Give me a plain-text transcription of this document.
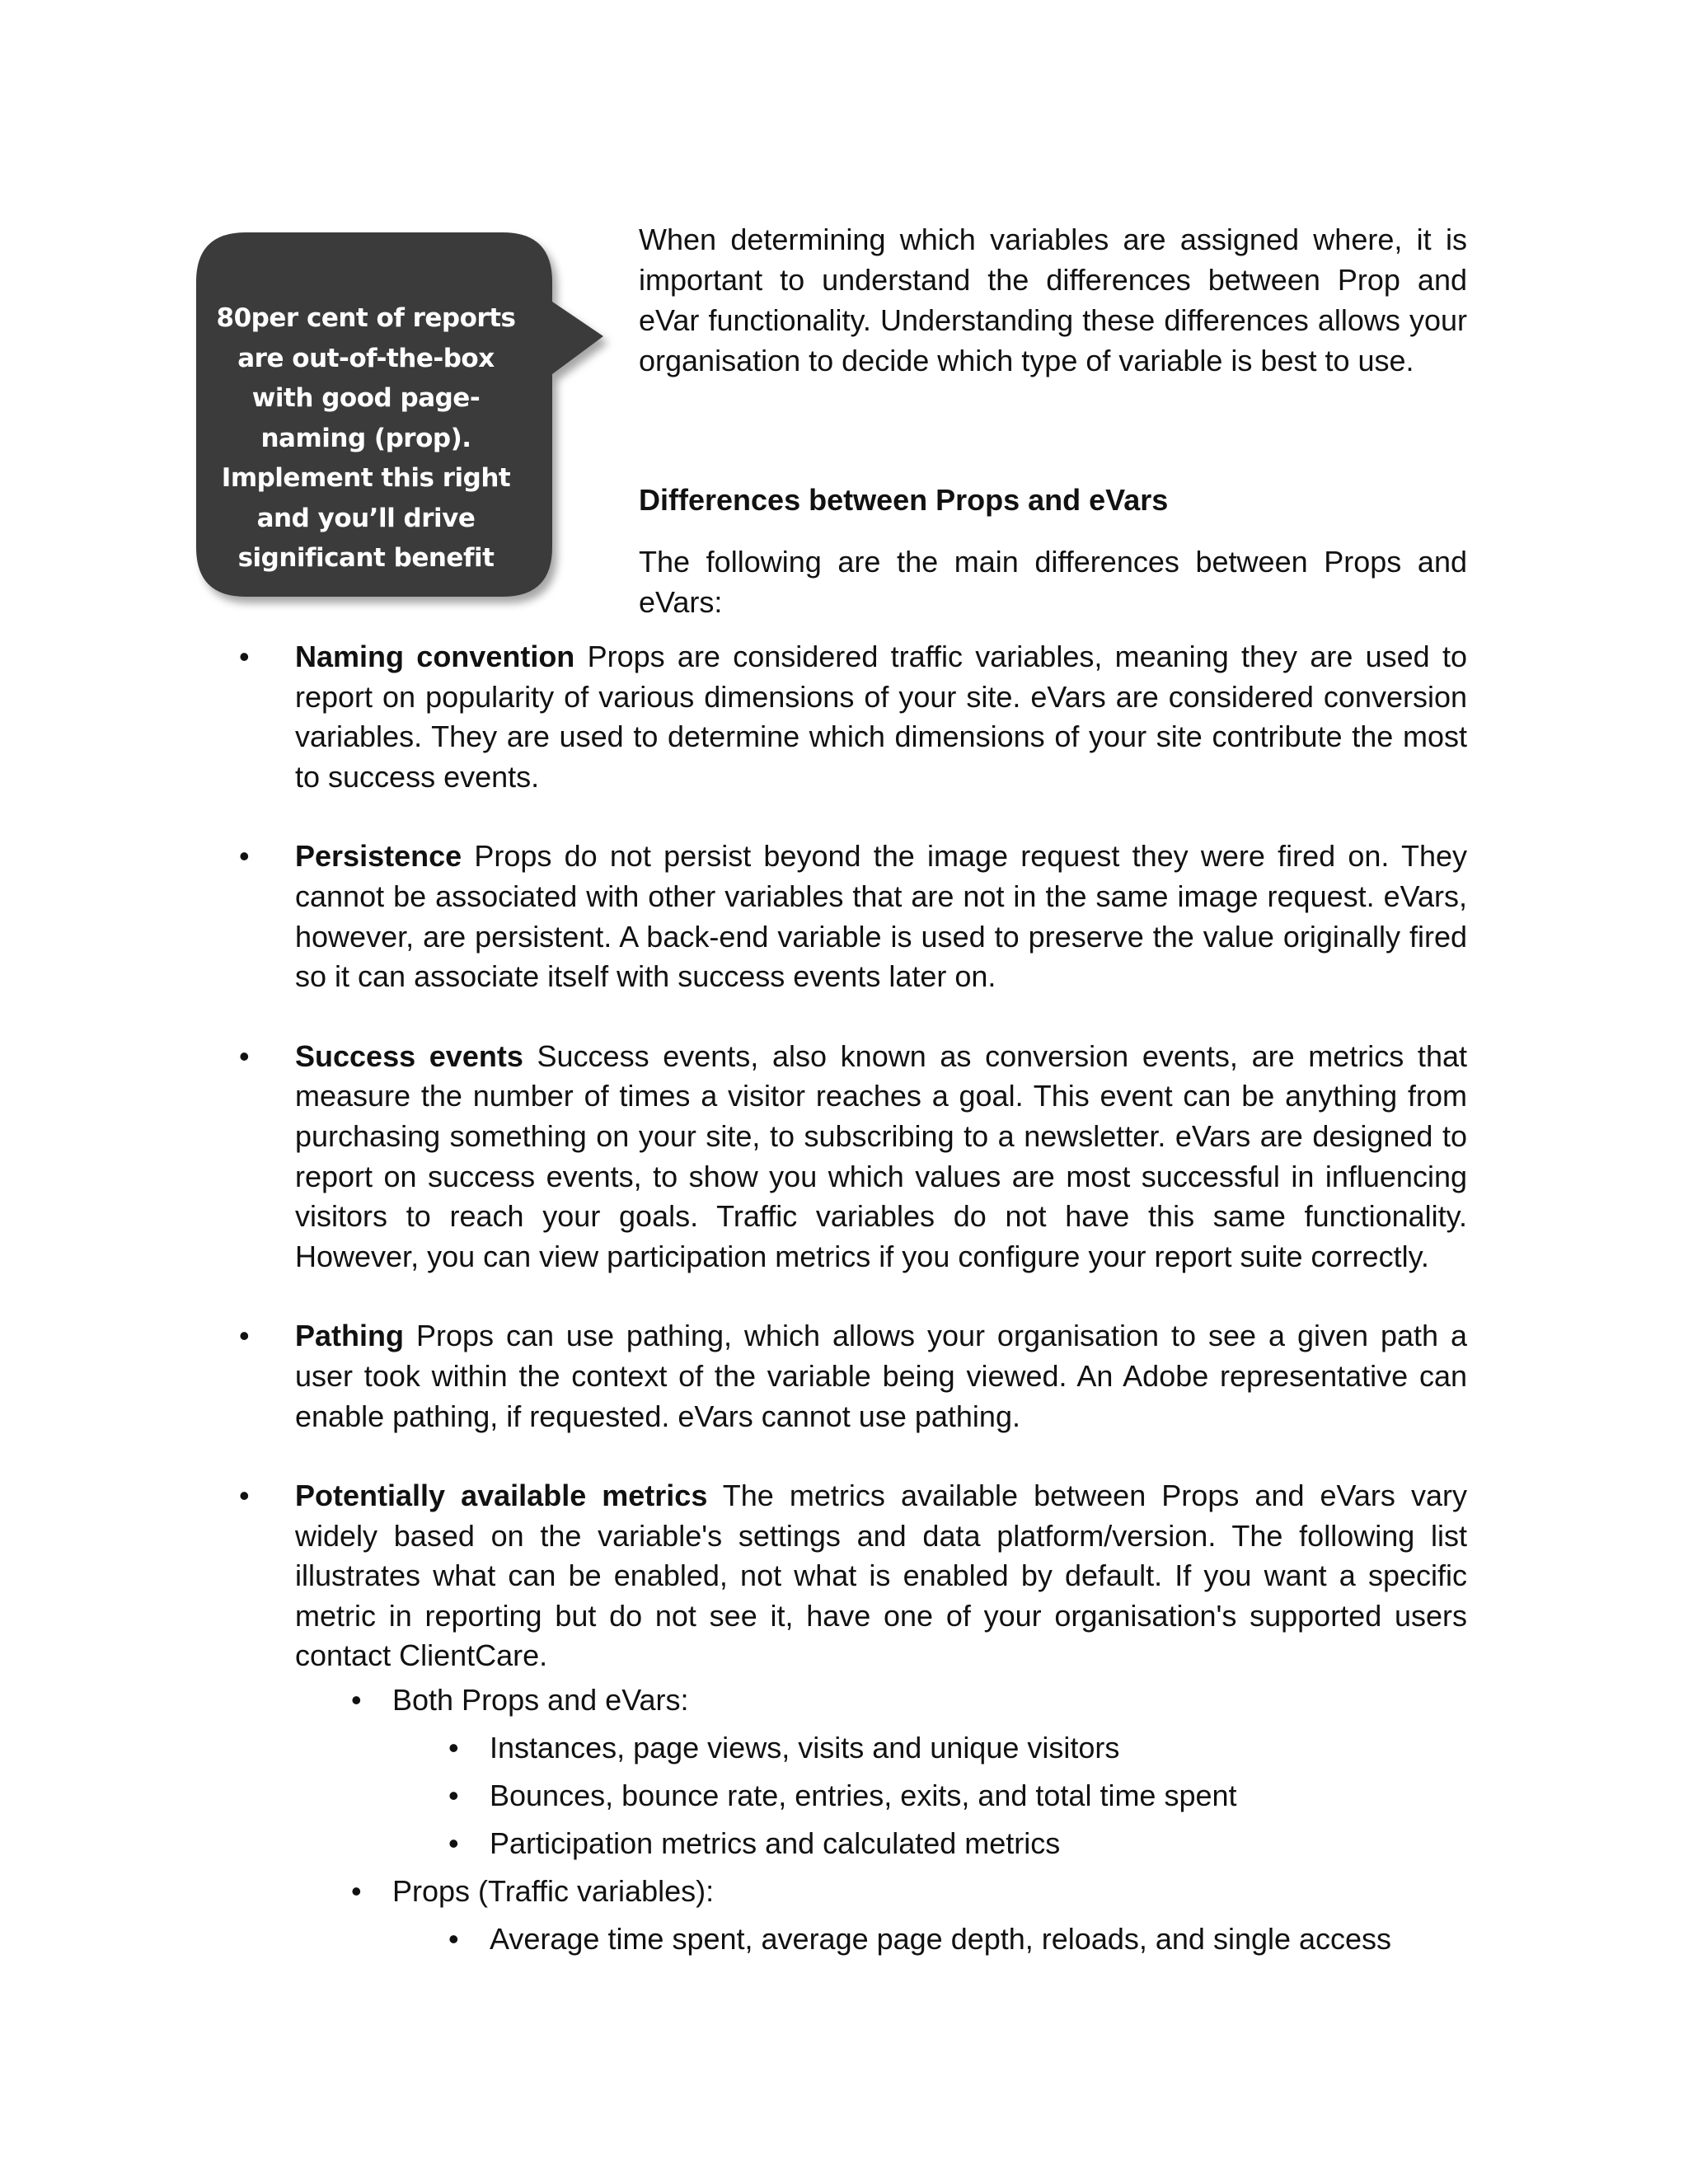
80per cent of reports are out-of-the-box with good page-naming (prop). Implement this right and you’ll drive significant benefit

When determining which variables are assigned where, it is important to understand the differences between Prop and eVar functionality. Understanding these differences allows your organisation to decide which type of variable is best to use.

Differences between Props and eVars
The following are the main differences between Props and eVars:
• Naming convention Props are considered traffic variables, meaning they are used to report on popularity of various dimensions of your site. eVars are considered conversion variables. They are used to determine which dimensions of your site contribute the most to success events.
• Persistence Props do not persist beyond the image request they were fired on. They cannot be associated with other variables that are not in the same image request. eVars, however, are persistent. A back-end variable is used to preserve the value originally fired so it can associate itself with success events later on.
• Success events Success events, also known as conversion events, are metrics that measure the number of times a visitor reaches a goal. This event can be anything from purchasing something on your site, to subscribing to a newsletter. eVars are designed to report on success events, to show you which values are most successful in influencing visitors to reach your goals. Traffic variables do not have this same functionality. However, you can view participation metrics if you configure your report suite correctly.
• Pathing Props can use pathing, which allows your organisation to see a given path a user took within the context of the variable being viewed. An Adobe representative can enable pathing, if requested. eVars cannot use pathing.
• Potentially available metrics The metrics available between Props and eVars vary widely based on the variable's settings and data platform/version. The following list illustrates what can be enabled, not what is enabled by default. If you want a specific metric in reporting but do not see it, have one of your organisation's supported users contact ClientCare.
• Both Props and eVars:
• Instances, page views, visits and unique visitors
• Bounces, bounce rate, entries, exits, and total time spent
• Participation metrics and calculated metrics
• Props (Traffic variables):
• Average time spent, average page depth, reloads, and single access
